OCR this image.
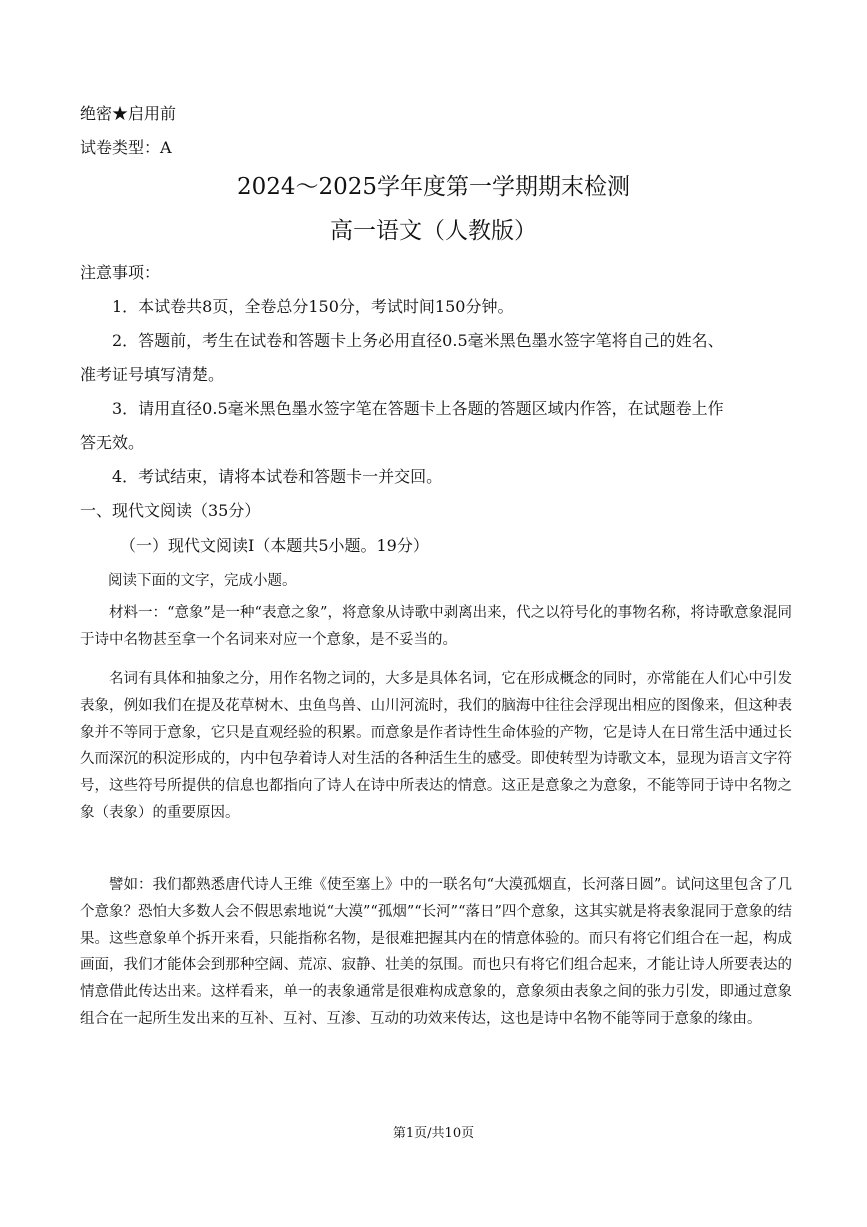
绝密★启用前
试卷类型：A
2024～2025学年度第一学期期末检测
高一语文（人教版）
注意事项：
1．本试卷共8页，全卷总分150分，考试时间150分钟。
2．答题前，考生在试卷和答题卡上务必用直径0.5毫米黑色墨水签字笔将自己的姓名、
准考证号填写清楚。
3．请用直径0.5毫米黑色墨水签字笔在答题卡上各题的答题区域内作答，在试题卷上作
答无效。
4．考试结束，请将本试卷和答题卡一并交回。
一、现代文阅读（35分）
（一）现代文阅读Ⅰ（本题共5小题。19分）
阅读下面的文字，完成小题。
材料一：“意象”是一种“表意之象”，将意象从诗歌中剥离出来，代之以符号化的事物名称，将诗歌意象混同于诗中名物甚至拿一个名词来对应一个意象，是不妥当的。
名词有具体和抽象之分，用作名物之词的，大多是具体名词，它在形成概念的同时，亦常能在人们心中引发表象，例如我们在提及花草树木、虫鱼鸟兽、山川河流时，我们的脑海中往往会浮现出相应的图像来，但这种表象并不等同于意象，它只是直观经验的积累。而意象是作者诗性生命体验的产物，它是诗人在日常生活中通过长久而深沉的积淀形成的，内中包孕着诗人对生活的各种活生生的感受。即使转型为诗歌文本，显现为语言文字符号，这些符号所提供的信息也都指向了诗人在诗中所表达的情意。这正是意象之为意象，不能等同于诗中名物之象（表象）的重要原因。
譬如：我们都熟悉唐代诗人王维《使至塞上》中的一联名句“大漠孤烟直，长河落日圆”。试问这里包含了几个意象？恐怕大多数人会不假思索地说“大漠”“孤烟”“长河”“落日”四个意象，这其实就是将表象混同于意象的结果。这些意象单个拆开来看，只能指称名物，是很难把握其内在的情意体验的。而只有将它们组合在一起，构成画面，我们才能体会到那种空阔、荒凉、寂静、壮美的氛围。而也只有将它们组合起来，才能让诗人所要表达的情意借此传达出来。这样看来，单一的表象通常是很难构成意象的，意象须由表象之间的张力引发，即通过意象组合在一起所生发出来的互补、互衬、互渗、互动的功效来传达，这也是诗中名物不能等同于意象的缘由。
第1页/共10页
